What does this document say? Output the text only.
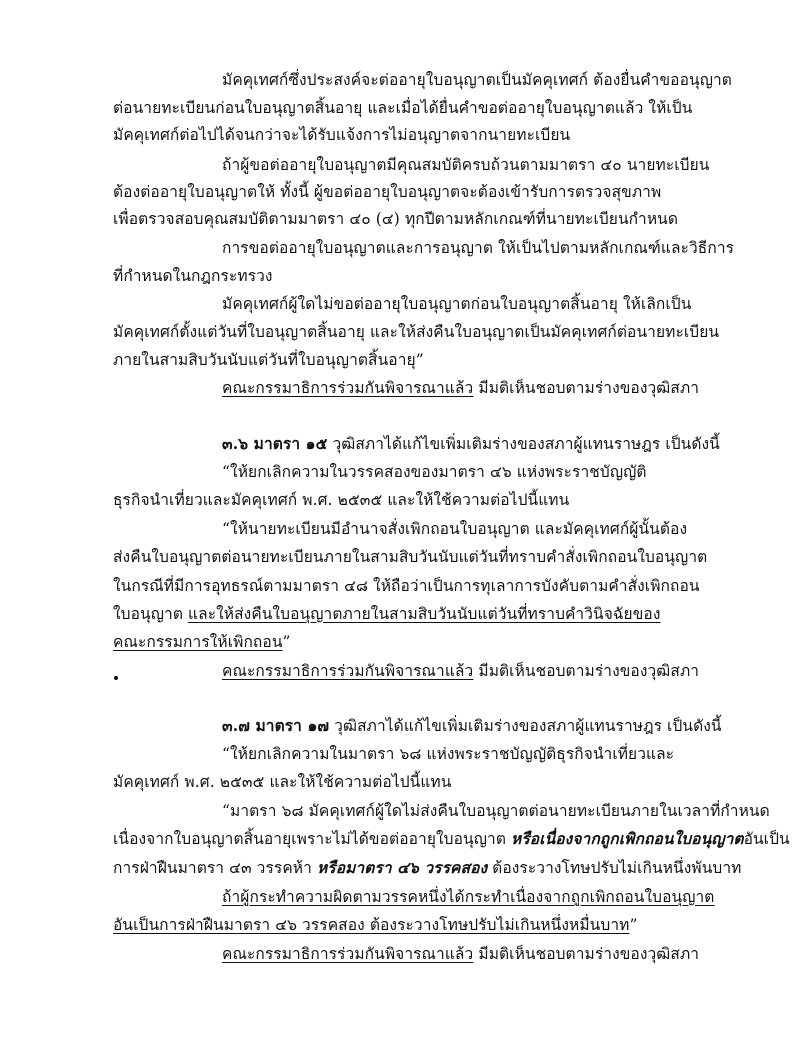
มัคคุเทศก์ซึ่งประสงค์จะต่ออายุใบอนุญาตเป็นมัคคุเทศก์ ต้องยื่นคำขออนุญาต
ต่อนายทะเบียนก่อนใบอนุญาตสิ้นอายุ และเมื่อได้ยื่นคำขอต่ออายุใบอนุญาตแล้ว ให้เป็น
มัคคุเทศก์ต่อไปได้จนกว่าจะได้รับแจ้งการไม่อนุญาตจากนายทะเบียน
ถ้าผู้ขอต่ออายุใบอนุญาตมีคุณสมบัติครบถ้วนตามมาตรา ๔๐ นายทะเบียน
ต้องต่ออายุใบอนุญาตให้ ทั้งนี้ ผู้ขอต่ออายุใบอนุญาตจะต้องเข้ารับการตรวจสุขภาพ
เพื่อตรวจสอบคุณสมบัติตามมาตรา ๔๐ (๔) ทุกปีตามหลักเกณฑ์ที่นายทะเบียนกำหนด
การขอต่ออายุใบอนุญาตและการอนุญาต ให้เป็นไปตามหลักเกณฑ์และวิธีการ
ที่กำหนดในกฎกระทรวง
มัคคุเทศก์ผู้ใดไม่ขอต่ออายุใบอนุญาตก่อนใบอนุญาตสิ้นอายุ ให้เลิกเป็น
มัคคุเทศก์ตั้งแต่วันที่ใบอนุญาตสิ้นอายุ และให้ส่งคืนใบอนุญาตเป็นมัคคุเทศก์ต่อนายทะเบียน
ภายในสามสิบวันนับแต่วันที่ใบอนุญาตสิ้นอายุ”
คณะกรรมาธิการร่วมกันพิจารณาแล้ว มีมติเห็นชอบตามร่างของวุฒิสภา
๓.๖ มาตรา ๑๕ วุฒิสภาได้แก้ไขเพิ่มเติมร่างของสภาผู้แทนราษฎร เป็นดังนี้
“ให้ยกเลิกความในวรรคสองของมาตรา ๔๖ แห่งพระราชบัญญัติ
ธุรกิจนำเที่ยวและมัคคุเทศก์ พ.ศ. ๒๕๓๕ และให้ใช้ความต่อไปนี้แทน
“ให้นายทะเบียนมีอำนาจสั่งเพิกถอนใบอนุญาต และมัคคุเทศก์ผู้นั้นต้อง
ส่งคืนใบอนุญาตต่อนายทะเบียนภายในสามสิบวันนับแต่วันที่ทราบคำสั่งเพิกถอนใบอนุญาต
ในกรณีที่มีการอุทธรณ์ตามมาตรา ๔๘ ให้ถือว่าเป็นการทุเลาการบังคับตามคำสั่งเพิกถอน
ใบอนุญาต และให้ส่งคืนใบอนุญาตภายในสามสิบวันนับแต่วันที่ทราบคำวินิจฉัยของ
คณะกรรมการให้เพิกถอน”
คณะกรรมาธิการร่วมกันพิจารณาแล้ว มีมติเห็นชอบตามร่างของวุฒิสภา
๓.๗ มาตรา ๑๗ วุฒิสภาได้แก้ไขเพิ่มเติมร่างของสภาผู้แทนราษฎร เป็นดังนี้
“ให้ยกเลิกความในมาตรา ๖๘ แห่งพระราชบัญญัติธุรกิจนำเที่ยวและ
มัคคุเทศก์ พ.ศ. ๒๕๓๕ และให้ใช้ความต่อไปนี้แทน
“มาตรา ๖๘ มัคคุเทศก์ผู้ใดไม่ส่งคืนใบอนุญาตต่อนายทะเบียนภายในเวลาที่กำหนด
เนื่องจากใบอนุญาตสิ้นอายุเพราะไม่ได้ขอต่ออายุใบอนุญาต หรือเนื่องจากถูกเพิกถอนใบอนุญาตอันเป็น
การฝ่าฝืนมาตรา ๔๓ วรรคห้า หรือมาตรา ๔๖ วรรคสอง ต้องระวางโทษปรับไม่เกินหนึ่งพันบาท
ถ้าผู้กระทำความผิดตามวรรคหนึ่งได้กระทำเนื่องจากถูกเพิกถอนใบอนุญาต
อันเป็นการฝ่าฝืนมาตรา ๔๖ วรรคสอง ต้องระวางโทษปรับไม่เกินหนึ่งหมื่นบาท”
คณะกรรมาธิการร่วมกันพิจารณาแล้ว มีมติเห็นชอบตามร่างของวุฒิสภา
